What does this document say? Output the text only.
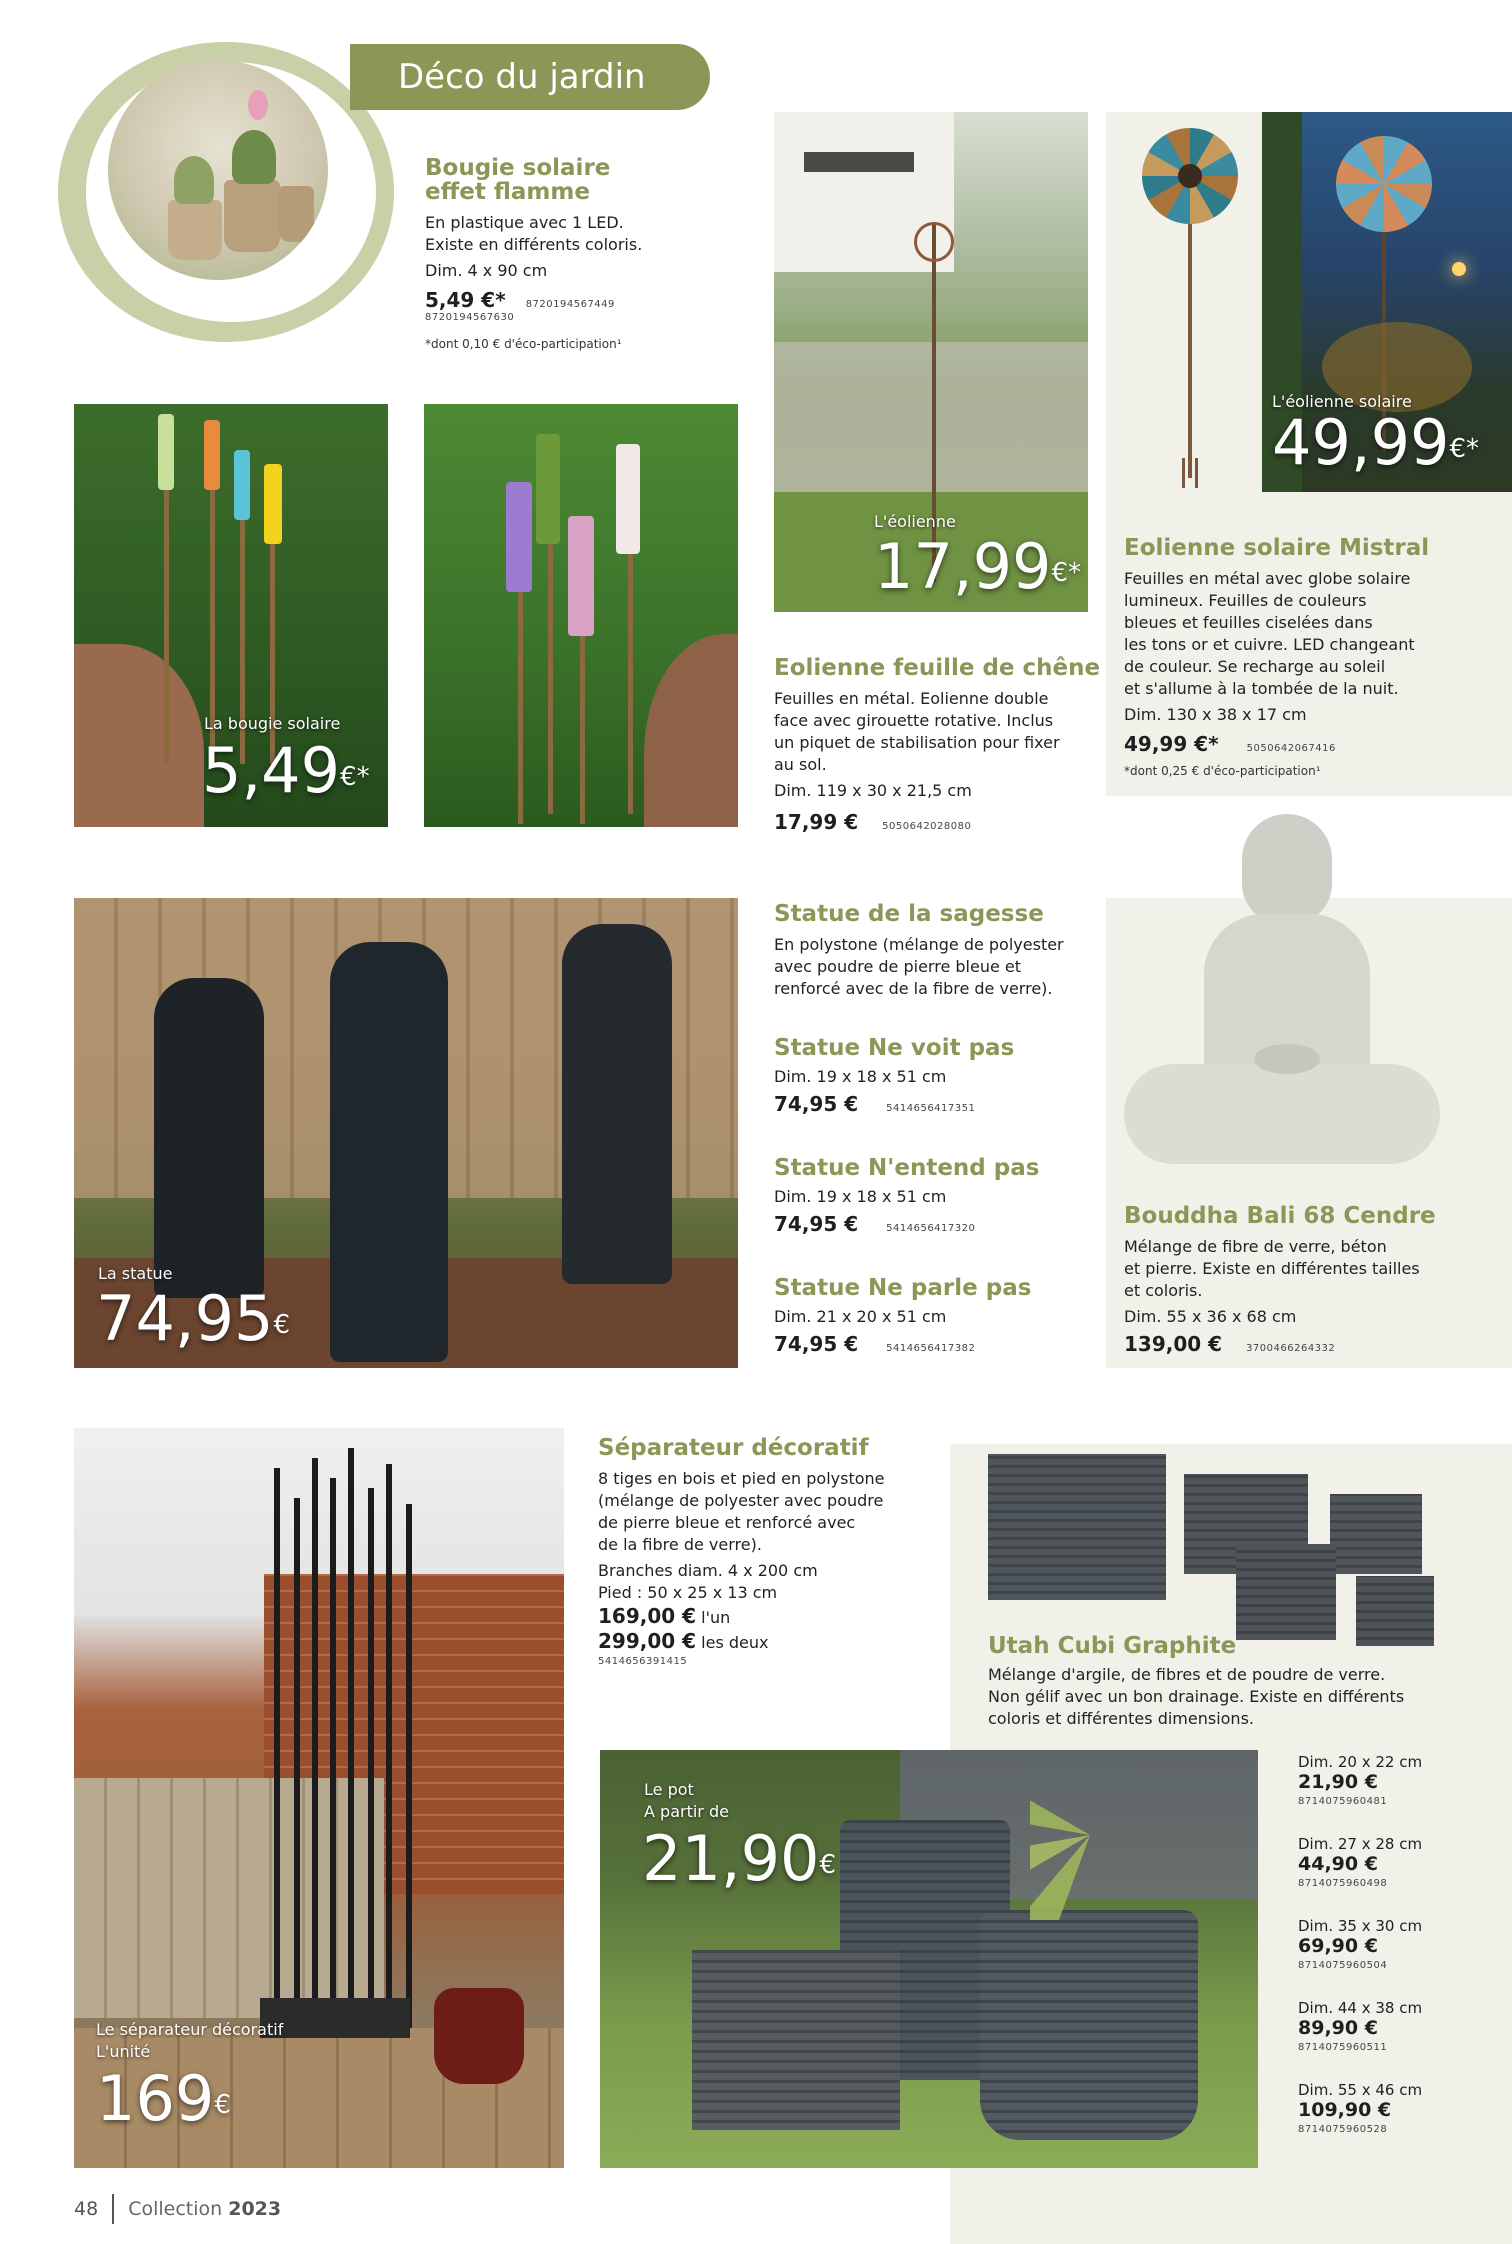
Déco du jardin
Bougie solaire
effet flamme
En plastique avec 1 LED.
Existe en différents coloris.
Dim. 4 x 90 cm
5,49 €* 8720194567449
8720194567630
*dont 0,10 € d'éco-participation¹
La bougie solaire
5,49€*
L'éolienne
17,99€*
L'éolienne solaire
49,99€*
Eolienne solaire Mistral
Feuilles en métal avec globe solaire
lumineux. Feuilles de couleurs
bleues et feuilles ciselées dans
les tons or et cuivre. LED changeant
de couleur. Se recharge au soleil
et s'allume à la tombée de la nuit.
Dim. 130 x 38 x 17 cm
49,99 €*	5050642067416
*dont 0,25 € d'éco-participation¹
Eolienne feuille de chêne
Feuilles en métal. Eolienne double
face avec girouette rotative. Inclus
un piquet de stabilisation pour fixer
au sol.
Dim. 119 x 30 x 21,5 cm
17,99 € 5050642028080
La statue
74,95€
Statue de la sagesse
En polystone (mélange de polyester
avec poudre de pierre bleue et
renforcé avec de la fibre de verre).
Statue Ne voit pas
Dim. 19 x 18 x 51 cm
74,95 €	5414656417351
Statue N'entend pas
Dim. 19 x 18 x 51 cm
74,95 €	5414656417320
Statue Ne parle pas
Dim. 21 x 20 x 51 cm
74,95 €	5414656417382
Bouddha Bali 68 Cendre
Mélange de fibre de verre, béton
et pierre. Existe en différentes tailles
et coloris.
Dim. 55 x 36 x 68 cm
139,00 € 3700466264332
Le séparateur décoratif
L'unité
169€
Séparateur décoratif
8 tiges en bois et pied en polystone
(mélange de polyester avec poudre
de pierre bleue et renforcé avec
de la fibre de verre).
Branches diam. 4 x 200 cm
Pied : 50 x 25 x 13 cm
169,00 € l'un
299,00 € les deux
5414656391415
Utah Cubi Graphite
Mélange d'argile, de fibres et de poudre de verre.
Non gélif avec un bon drainage. Existe en différents
coloris et différentes dimensions.
Le pot
A partir de
21,90€
Dim. 20 x 22 cm
21,90 €
8714075960481
Dim. 27 x 28 cm
44,90 €
8714075960498
Dim. 35 x 30 cm
69,90 €
8714075960504
Dim. 44 x 38 cm
89,90 €
8714075960511
Dim. 55 x 46 cm
109,90 €
8714075960528
48 Collection 2023
